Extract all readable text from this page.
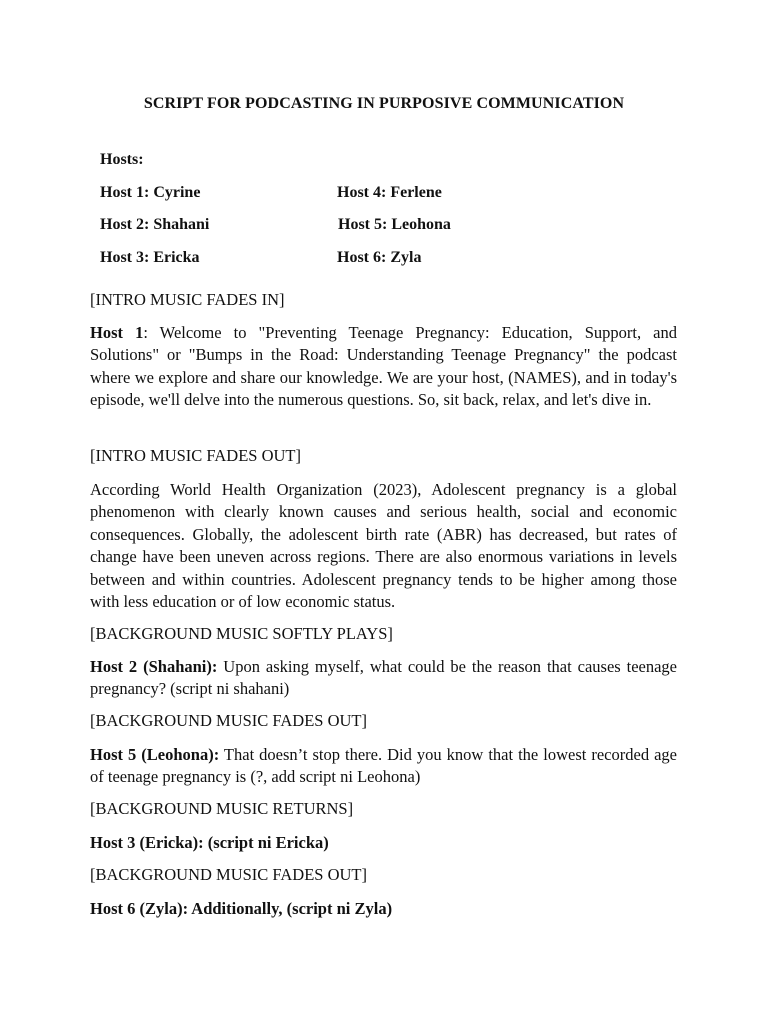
SCRIPT FOR PODCASTING IN PURPOSIVE COMMUNICATION
Hosts:
Host 1: Cyrine
Host 2: Shahani
Host 3: Ericka
Host 4: Ferlene
Host 5: Leohona
Host 6: Zyla
[INTRO MUSIC FADES IN]
Host 1: Welcome to "Preventing Teenage Pregnancy: Education, Support, and Solutions" or "Bumps in the Road: Understanding Teenage Pregnancy" the podcast where we explore and share our knowledge. We are your host, (NAMES), and in today's episode, we'll delve into the numerous questions. So, sit back, relax, and let's dive in.
[INTRO MUSIC FADES OUT]
According World Health Organization (2023), Adolescent pregnancy is a global phenomenon with clearly known causes and serious health, social and economic consequences. Globally, the adolescent birth rate (ABR) has decreased, but rates of change have been uneven across regions. There are also enormous variations in levels between and within countries. Adolescent pregnancy tends to be higher among those with less education or of low economic status.
[BACKGROUND MUSIC SOFTLY PLAYS]
Host 2 (Shahani): Upon asking myself, what could be the reason that causes teenage pregnancy? (script ni shahani)
[BACKGROUND MUSIC FADES OUT]
Host 5 (Leohona): That doesn’t stop there. Did you know that the lowest recorded age of teenage pregnancy is (?, add script ni Leohona)
[BACKGROUND MUSIC RETURNS]
Host 3 (Ericka): (script ni Ericka)
[BACKGROUND MUSIC FADES OUT]
Host 6 (Zyla): Additionally, (script ni Zyla)
